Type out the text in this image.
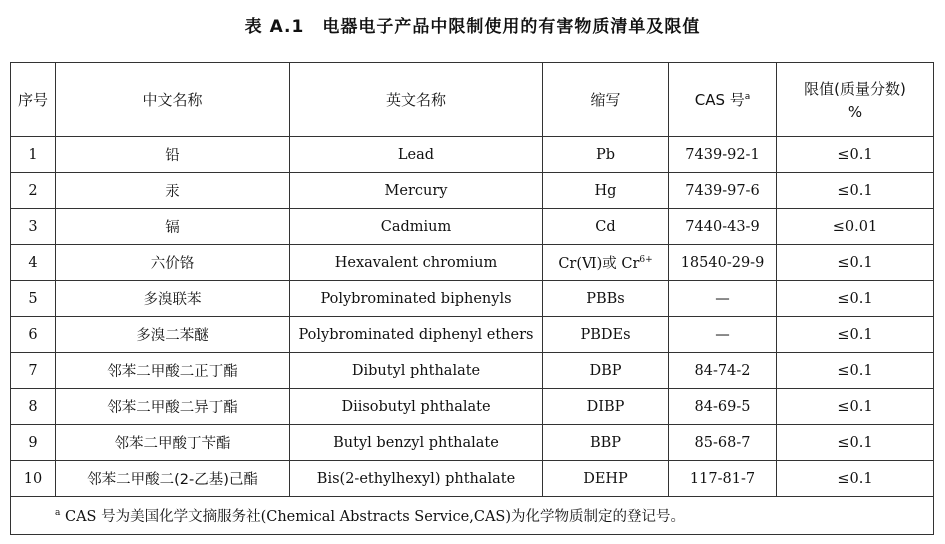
表 A.1 电器电子产品中限制使用的有害物质清单及限值
序号	中文名称	英文名称	缩写	CAS 号$^a$	限值(质量分数)
%

1	铅	Lead	Pb	7439-92-1	≤0.1
2	汞	Mercury	Hg	7439-97-6	≤0.1
3	镉	Cadmium	Cd	7440-43-9	≤0.01
4	六价铬	Hexavalent chromium	Cr(Ⅵ)或 $Cr^{6+}$	18540-29-9	≤0.1
5	多溴联苯	Polybrominated biphenyls	PBBs	—	≤0.1
6	多溴二苯醚	Polybrominated diphenyl ethers	PBDEs	—	≤0.1
7	邻苯二甲酸二正丁酯	Dibutyl phthalate	DBP	84-74-2	≤0.1
8	邻苯二甲酸二异丁酯	Diisobutyl phthalate	DIBP	84-69-5	≤0.1
9	邻苯二甲酸丁苄酯	Butyl benzyl phthalate	BBP	85-68-7	≤0.1
10	邻苯二甲酸二(2-乙基)己酯	Bis(2-ethylhexyl) phthalate	DEHP	117-81-7	≤0.1
$^a$ CAS 号为美国化学文摘服务社(Chemical Abstracts Service,CAS)为化学物质制定的登记号。					
